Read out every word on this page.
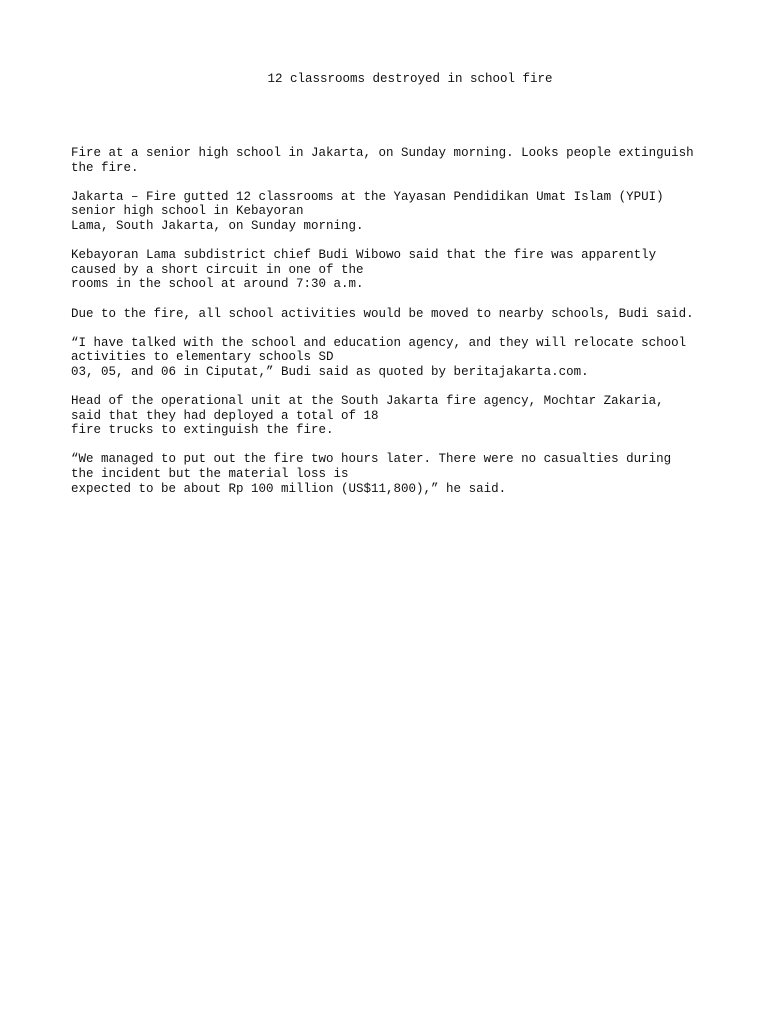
12 classrooms destroyed in school fire

Fire at a senior high school in Jakarta, on Sunday morning. Looks people extinguish
the fire.

Jakarta – Fire gutted 12 classrooms at the Yayasan Pendidikan Umat Islam (YPUI)
senior high school in Kebayoran
Lama, South Jakarta, on Sunday morning.

Kebayoran Lama subdistrict chief Budi Wibowo said that the fire was apparently
caused by a short circuit in one of the
rooms in the school at around 7:30 a.m.

Due to the fire, all school activities would be moved to nearby schools, Budi said.

“I have talked with the school and education agency, and they will relocate school
activities to elementary schools SD
03, 05, and 06 in Ciputat,” Budi said as quoted by beritajakarta.com.

Head of the operational unit at the South Jakarta fire agency, Mochtar Zakaria,
said that they had deployed a total of 18
fire trucks to extinguish the fire.

“We managed to put out the fire two hours later. There were no casualties during
the incident but the material loss is
expected to be about Rp 100 million (US$11,800),” he said.
